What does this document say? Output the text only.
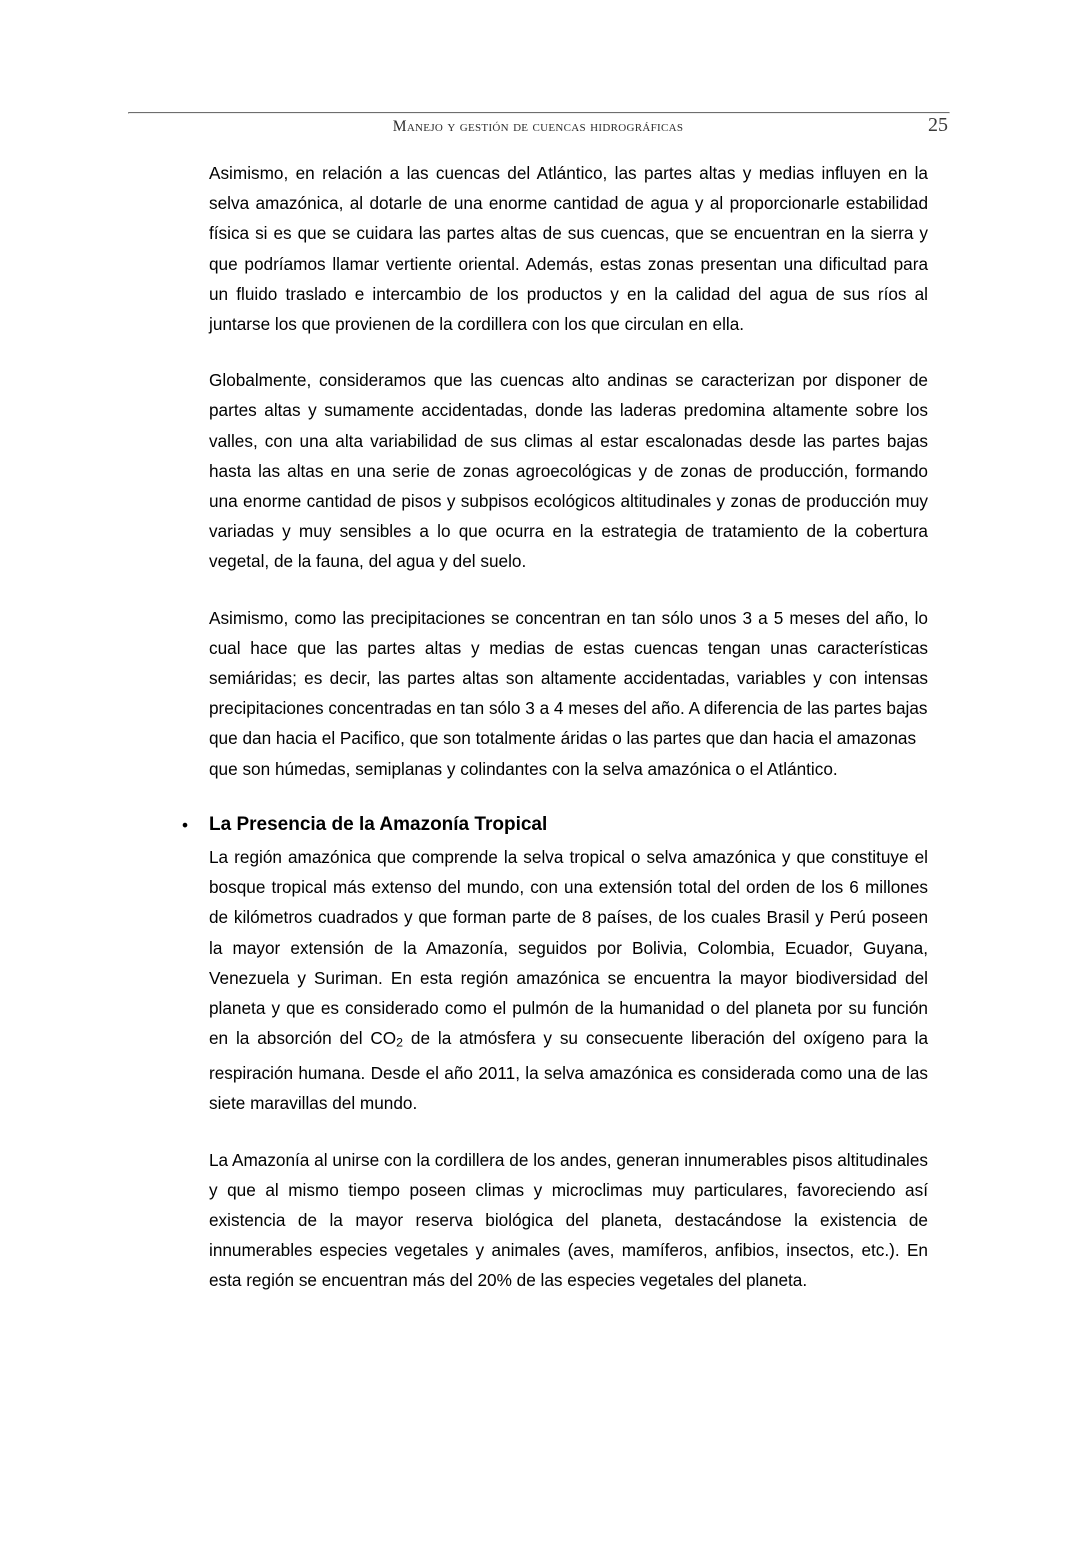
Manejo y gestión de cuencas hidrográficas	25

Asimismo, en relación a las cuencas del Atlántico, las partes altas y medias influyen en la selva amazónica, al dotarle de una enorme cantidad de agua y al proporcionarle estabilidad física si es que se cuidara las partes altas de sus cuencas, que se encuentran en la sierra y que podríamos llamar vertiente oriental. Además, estas zonas presentan una dificultad para un fluido traslado e intercambio de los productos y en la calidad del agua de sus ríos al juntarse los que provienen de la cordillera con los que circulan en ella.

Globalmente, consideramos que las cuencas alto andinas se caracterizan por disponer de partes altas y sumamente accidentadas, donde las laderas predomina altamente sobre los valles, con una alta variabilidad de sus climas al estar escalonadas desde las partes bajas hasta las altas en una serie de zonas agroecológicas y de zonas de producción, formando una enorme cantidad de pisos y subpisos ecológicos altitudinales y zonas de producción muy variadas y muy sensibles a lo que ocurra en la estrategia de tratamiento de la cobertura vegetal, de la fauna, del agua y del suelo.

Asimismo, como las precipitaciones se concentran en tan sólo unos 3 a 5 meses del año, lo cual hace que las partes altas y medias de estas cuencas tengan unas características semiáridas; es decir, las partes altas son altamente accidentadas, variables y con intensas precipitaciones concentradas en tan sólo 3 a 4 meses del año. A diferencia de las partes bajas
que dan hacia el Pacifico, que son totalmente áridas o las partes que dan hacia el amazonas que son húmedas, semiplanas y colindantes con la selva amazónica o el Atlántico.

• La Presencia de la Amazonía Tropical

La región amazónica que comprende la selva tropical o selva amazónica y que constituye el bosque tropical más extenso del mundo, con una extensión total del orden de los 6 millones de kilómetros cuadrados y que forman parte de 8 países, de los cuales Brasil y Perú poseen la mayor extensión de la Amazonía, seguidos por Bolivia, Colombia, Ecuador, Guyana, Venezuela y Suriman. En esta región amazónica se encuentra la mayor biodiversidad del planeta y que es considerado como el pulmón de la humanidad o del planeta por su función en la absorción del $CO_2$ de la atmósfera y su consecuente liberación del oxígeno para la respiración humana. Desde el año 2011, la selva amazónica es considerada como una de las siete maravillas del mundo.

La Amazonía al unirse con la cordillera de los andes, generan innumerables pisos altitudinales y que al mismo tiempo poseen climas y microclimas muy particulares, favoreciendo así existencia de la mayor reserva biológica del planeta, destacándose la existencia de innumerables especies vegetales y animales (aves, mamíferos, anfibios, insectos, etc.). En esta región se encuentran más del 20% de las especies vegetales del planeta.
